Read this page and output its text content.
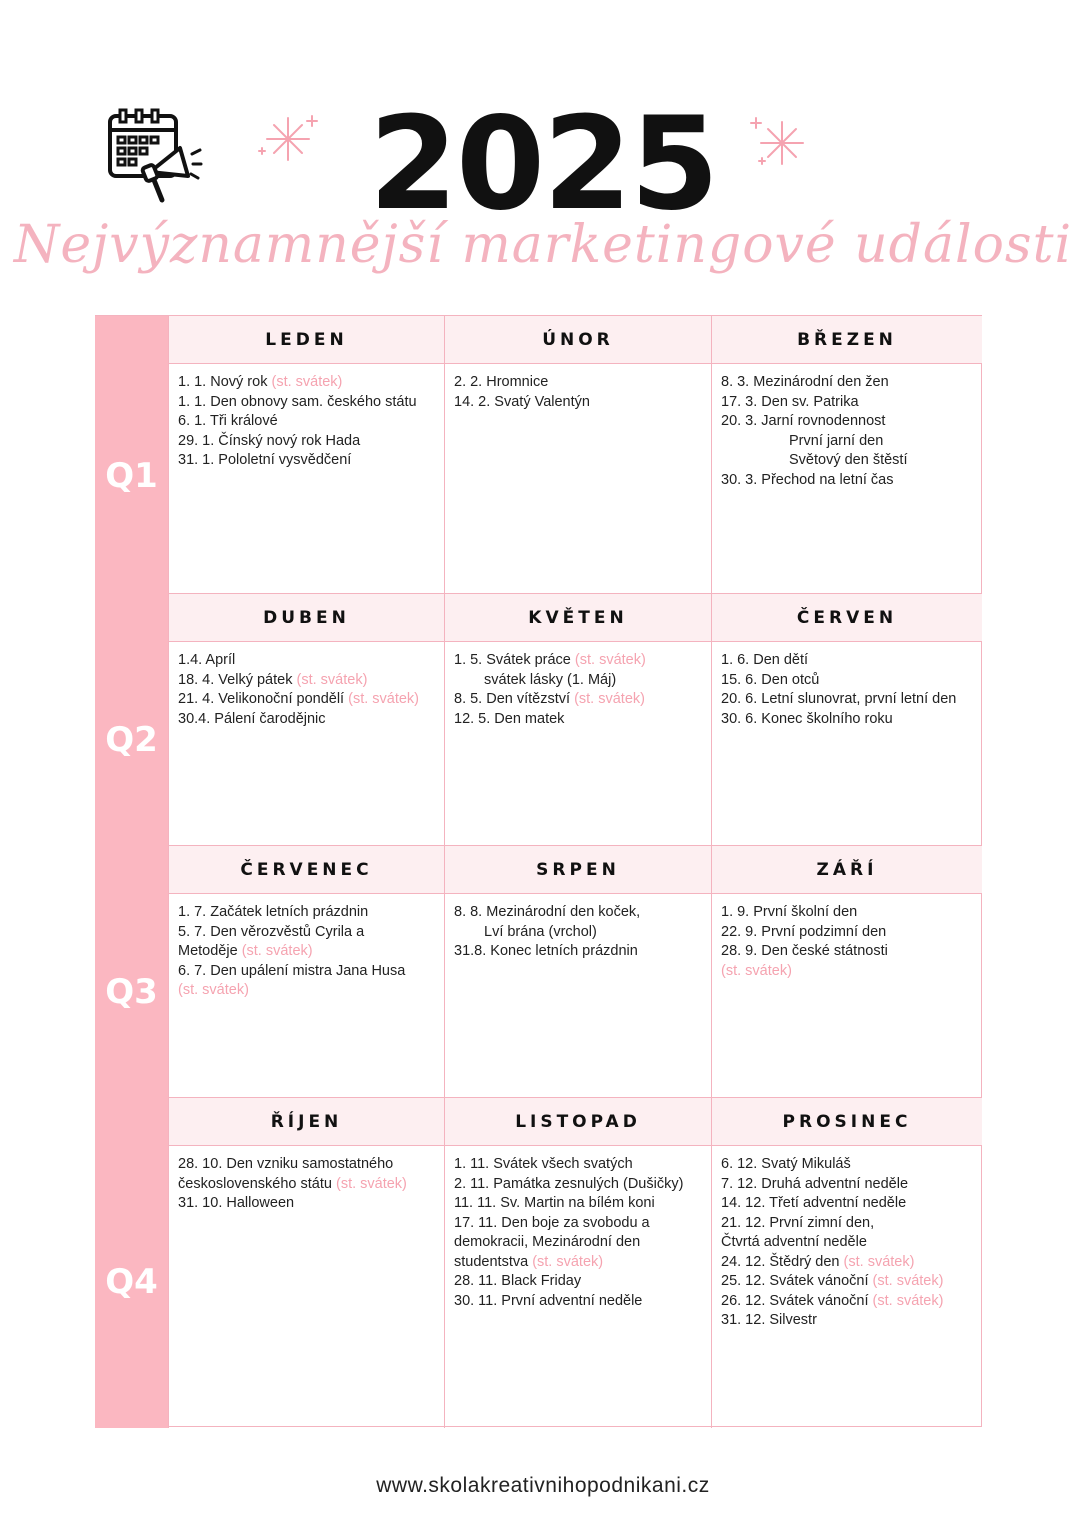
2025
Nejvýznamnější marketingové události
Q1
LEDEN
1. 1. Nový rok (st. svátek)
1. 1. Den obnovy sam. českého státu
6. 1. Tři králové
29. 1. Čínský nový rok Hada
31. 1. Pololetní vysvědčení
ÚNOR
2. 2. Hromnice
14. 2. Svatý Valentýn
BŘEZEN
8. 3. Mezinárodní den žen
17. 3. Den sv. Patrika
20. 3. Jarní rovnodennost
První jarní den
Světový den štěstí
30. 3. Přechod na letní čas
Q2
DUBEN
1.4. Apríl
18. 4. Velký pátek (st. svátek)
21. 4. Velikonoční pondělí (st. svátek)
30.4. Pálení čarodějnic
KVĚTEN
1. 5. Svátek práce (st. svátek)
svátek lásky (1. Máj)
8. 5. Den vítězství (st. svátek)
12. 5. Den matek
ČERVEN
1. 6. Den dětí
15. 6. Den otců
20. 6. Letní slunovrat, první letní den
30. 6. Konec školního roku
Q3
ČERVENEC
1. 7. Začátek letních prázdnin
5. 7. Den věrozvěstů Cyrila a
Metoděje (st. svátek)
6. 7. Den upálení mistra Jana Husa
(st. svátek)
SRPEN
8. 8. Mezinárodní den koček,
Lví brána (vrchol)
31.8. Konec letních prázdnin
ZÁŘÍ
1. 9. První školní den
22. 9. První podzimní den
28. 9. Den české státnosti
(st. svátek)
Q4
ŘÍJEN
28. 10. Den vzniku samostatného
československého státu (st. svátek)
31. 10. Halloween
LISTOPAD
1. 11. Svátek všech svatých
2. 11. Památka zesnulých (Dušičky)
11. 11. Sv. Martin na bílém koni
17. 11. Den boje za svobodu a
demokracii, Mezinárodní den
studentstva (st. svátek)
28. 11. Black Friday
30. 11. První adventní neděle
PROSINEC
6. 12. Svatý Mikuláš
7. 12. Druhá adventní neděle
14. 12. Třetí adventní neděle
21. 12. První zimní den,
Čtvrtá adventní neděle
24. 12. Štědrý den (st. svátek)
25. 12. Svátek vánoční (st. svátek)
26. 12. Svátek vánoční (st. svátek)
31. 12. Silvestr
www.skolakreativnihopodnikani.cz
